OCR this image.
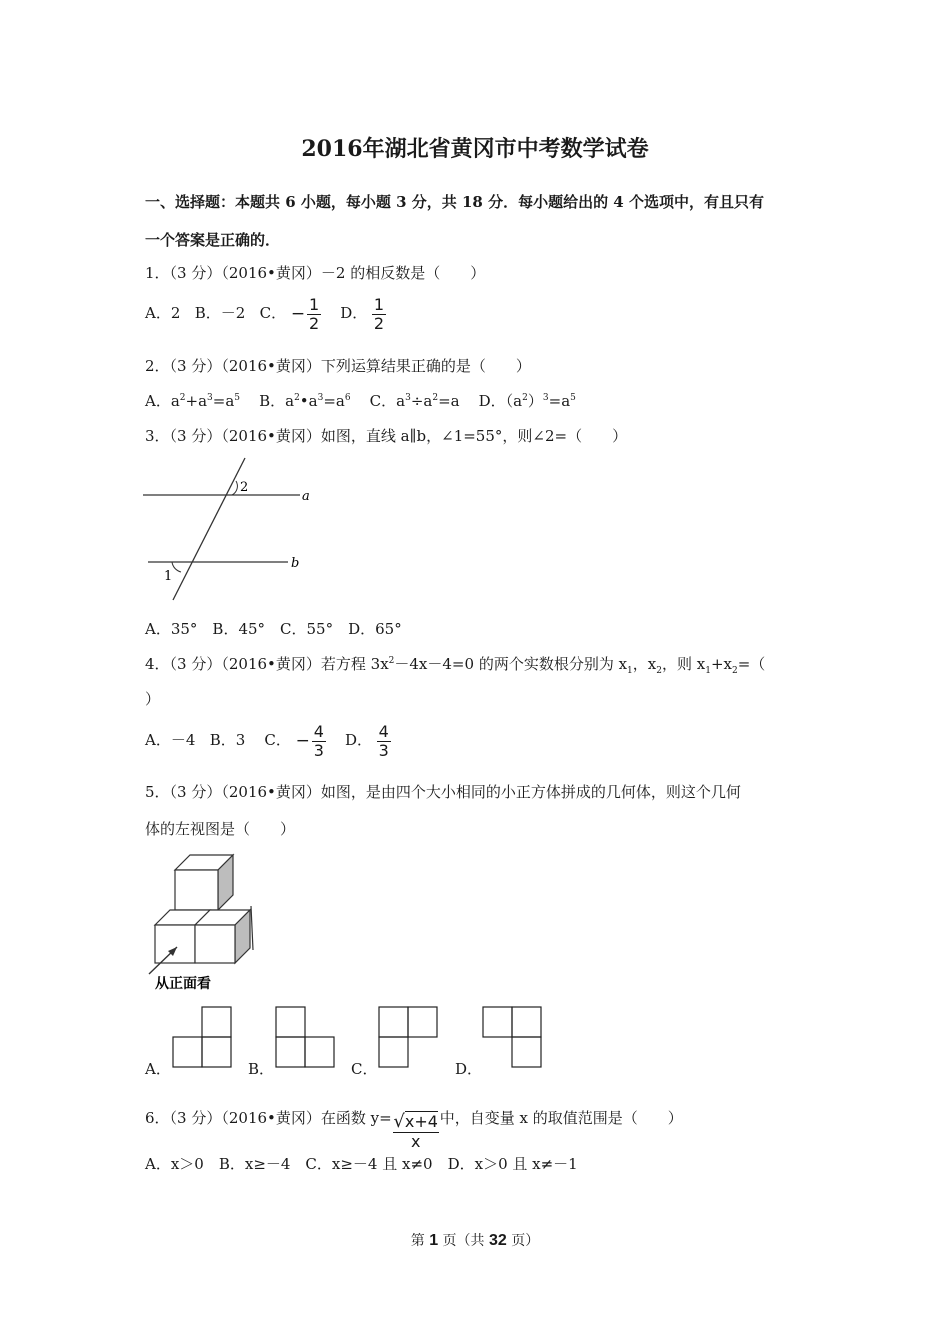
2016年湖北省黄冈市中考数学试卷
一、选择题：本题共 6 小题，每小题 3 分，共 18 分．每小题给出的 4 个选项中，有且只有
一个答案是正确的．
1．（3 分）（2016•黄冈）－2 的相反数是（　　）
A．2 B．－2 C． − $\frac{1}{2}$ D． $\frac{1}{2}$
2．（3 分）（2016•黄冈）下列运算结果正确的是（　　）
A．$a^2+a^3=a^5$ B．$a^2•a^3=a^6$ C．$a^3\div a^2=a$ D．$(a^2)^3=a^5$
3．（3 分）（2016•黄冈）如图，直线 a∥b，∠1=55°，则∠2=（　　）
a
b
1
2
A．35°　B．45°　C．55°　D．65°
4．（3 分）（2016•黄冈）若方程 $3x^2-4x-4=0$ 的两个实数根分别为 $x_1$，$x_2$，则 $x_1+x_2=$（
）
A．－4 B．3 C． − $\frac{4}{3}$ D． $\frac{4}{3}$
5．（3 分）（2016•黄冈）如图，是由四个大小相同的小正方体拼成的几何体，则这个几何
体的左视图是（　　）
从正面看
A．	B．	C．	D．
6．（3 分）（2016•黄冈）在函数 $y= \frac{√x+4}{x}$ 中，自变量 x 的取值范围是（　　）
A．x＞0　B．x≥－4　C．x≥－4 且 x≠0　D．x＞0 且 x≠－1
第 1 页（共 32 页）
